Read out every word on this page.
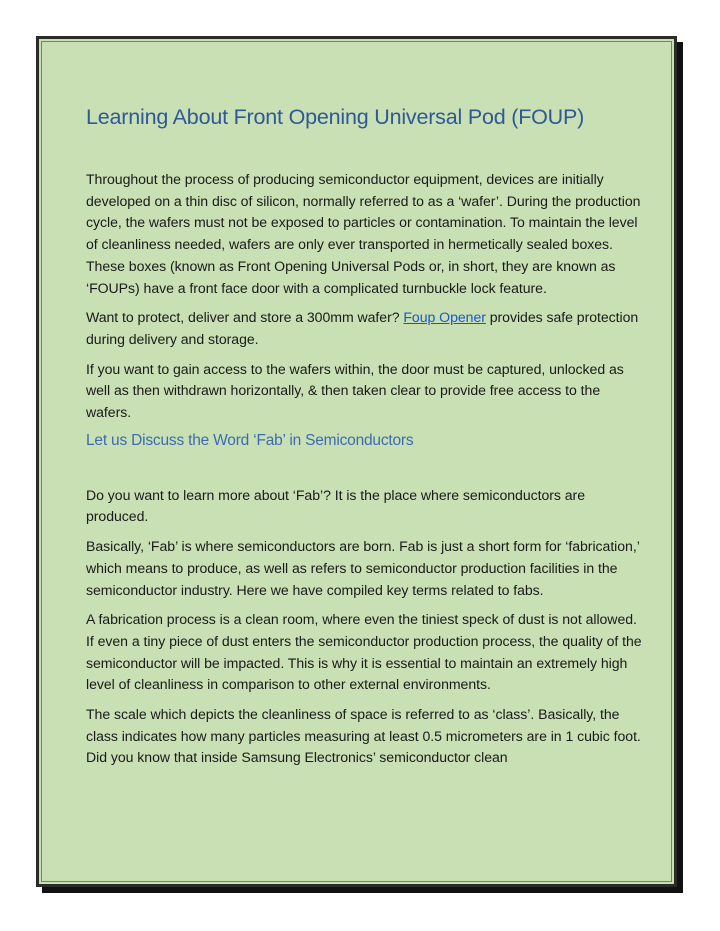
Learning About Front Opening Universal Pod (FOUP)

Throughout the process of producing semiconductor equipment, devices are initially developed on a thin disc of silicon, normally referred to as a ‘wafer’. During the production cycle, the wafers must not be exposed to particles or contamination. To maintain the level of cleanliness needed, wafers are only ever transported in hermetically sealed boxes. These boxes (known as Front Opening Universal Pods or, in short, they are known as ‘FOUPs) have a front face door with a complicated turnbuckle lock feature.

Want to protect, deliver and store a 300mm wafer? Foup Opener provides safe protection during delivery and storage.

If you want to gain access to the wafers within, the door must be captured, unlocked as well as then withdrawn horizontally, & then taken clear to provide free access to the wafers.

Let us Discuss the Word ‘Fab’ in Semiconductors

Do you want to learn more about ‘Fab’? It is the place where semiconductors are produced.

Basically, ‘Fab’ is where semiconductors are born. Fab is just a short form for ‘fabrication,’ which means to produce, as well as refers to semiconductor production facilities in the semiconductor industry. Here we have compiled key terms related to fabs.

A fabrication process is a clean room, where even the tiniest speck of dust is not allowed. If even a tiny piece of dust enters the semiconductor production process, the quality of the semiconductor will be impacted. This is why it is essential to maintain an extremely high level of cleanliness in comparison to other external environments.

The scale which depicts the cleanliness of space is referred to as ‘class’. Basically, the class indicates how many particles measuring at least 0.5 micrometers are in 1 cubic foot. Did you know that inside Samsung Electronics’ semiconductor clean
